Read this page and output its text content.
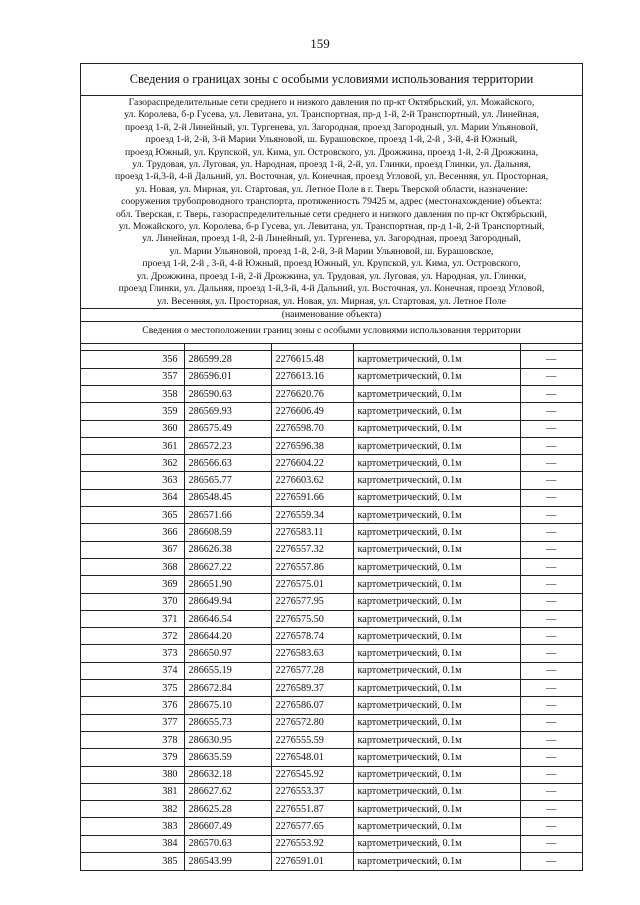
159
Сведения о границах зоны с особыми условиями использования территории
Газораспределительные сети среднего и низкого давления по пр-кт Октябрьский, ул. Можайского,
ул. Королева, б-р Гусева, ул. Левитана, ул. Транспортная, пр-д 1-й, 2-й Транспортный, ул. Линейная,
проезд 1-й, 2-й Линейный, ул. Тургенева, ул. Загородная, проезд Загородный, ул. Марии Ульяновой,
проезд 1-й, 2-й, 3-й Марии Ульяновой, ш. Бурашовское, проезд 1-й, 2-й , 3-й, 4-й Южный,
проезд Южный, ул. Крупской, ул. Кима, ул. Островского, ул. Дрожжина, проезд 1-й, 2-й Дрожжина,
ул. Трудовая, ул. Луговая, ул. Народная, проезд 1-й, 2-й, ул. Глинки, проезд Глинки, ул. Дальняя,
проезд 1-й,3-й, 4-й Дальний, ул. Восточная, ул. Конечная, проезд Угловой, ул. Весенняя, ул. Просторная,
ул. Новая, ул. Мирная, ул. Стартовая, ул. Летное Поле в г. Тверь Тверской области, назначение:
сооружения трубопроводного транспорта, протяженность 79425 м, адрес (местонахождение) объекта:
обл. Тверская, г. Тверь, газораспределительные сети среднего и низкого давления по пр-кт Октябрьский,
ул. Можайского, ул. Королева, б-р Гусева, ул. Левитана, ул. Транспортная, пр-д 1-й, 2-й Транспортный,
ул. Линейная, проезд 1-й, 2-й Линейный, ул. Тургенева, ул. Загородная, проезд Загородный,
ул. Марии Ульяновой, проезд 1-й, 2-й, 3-й Марии Ульяновой, ш. Бурашовское,
проезд 1-й, 2-й , 3-й, 4-й Южный, проезд Южный, ул. Крупской, ул. Кима, ул. Островского,
ул. Дрожжина, проезд 1-й, 2-й Дрожжина, ул. Трудовая, ул. Луговая, ул. Народная, ул. Глинки,
проезд Глинки, ул. Дальняя, проезд 1-й,3-й, 4-й Дальний, ул. Восточная, ул. Конечная, проезд Угловой,
ул. Весенняя, ул. Просторная, ул. Новая, ул. Мирная, ул. Стартовая, ул. Летное Поле
(наименование объекта)
Сведения о местоположении границ зоны с особыми условиями использования территории

356	286599.28	2276615.48	картометрический, 0.1м	—
357	286596.01	2276613.16	картометрический, 0.1м	—
358	286590.63	2276620.76	картометрический, 0.1м	—
359	286569.93	2276606.49	картометрический, 0.1м	—
360	286575.49	2276598.70	картометрический, 0.1м	—
361	286572.23	2276596.38	картометрический, 0.1м	—
362	286566.63	2276604.22	картометрический, 0.1м	—
363	286565.77	2276603.62	картометрический, 0.1м	—
364	286548.45	2276591.66	картометрический, 0.1м	—
365	286571.66	2276559.34	картометрический, 0.1м	—
366	286608.59	2276583.11	картометрический, 0.1м	—
367	286626.38	2276557.32	картометрический, 0.1м	—
368	286627.22	2276557.86	картометрический, 0.1м	—
369	286651.90	2276575.01	картометрический, 0.1м	—
370	286649.94	2276577.95	картометрический, 0.1м	—
371	286646.54	2276575.50	картометрический, 0.1м	—
372	286644.20	2276578.74	картометрический, 0.1м	—
373	286650.97	2276583.63	картометрический, 0.1м	—
374	286655.19	2276577.28	картометрический, 0.1м	—
375	286672.84	2276589.37	картометрический, 0.1м	—
376	286675.10	2276586.07	картометрический, 0.1м	—
377	286655.73	2276572.80	картометрический, 0.1м	—
378	286630.95	2276555.59	картометрический, 0.1м	—
379	286635.59	2276548.01	картометрический, 0.1м	—
380	286632.18	2276545.92	картометрический, 0.1м	—
381	286627.62	2276553.37	картометрический, 0.1м	—
382	286625.28	2276551.87	картометрический, 0.1м	—
383	286607.49	2276577.65	картометрический, 0.1м	—
384	286570.63	2276553.92	картометрический, 0.1м	—
385	286543.99	2276591.01	картометрический, 0.1м	—
